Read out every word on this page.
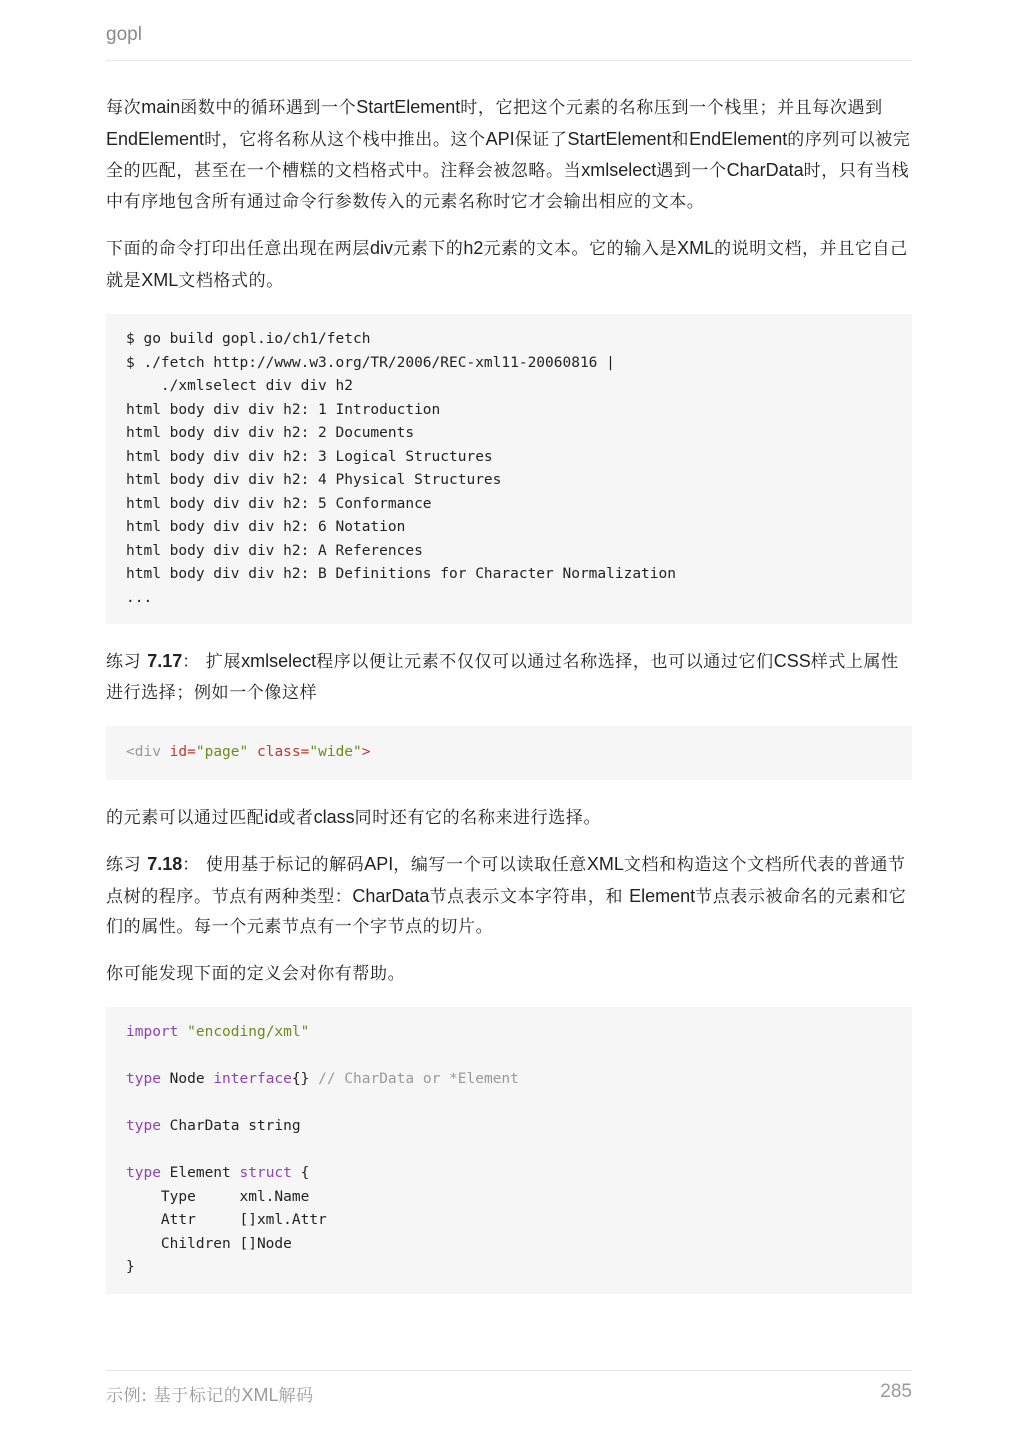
gopl

每次main函数中的循环遇到一个StartElement时，它把这个元素的名称压到一个栈里；并且每次遇到EndElement时，它将名称从这个栈中推出。这个API保证了StartElement和EndElement的序列可以被完全的匹配，甚至在一个槽糕的文档格式中。注释会被忽略。当xmlselect遇到一个CharData时，只有当栈中有序地包含所有通过命令行参数传入的元素名称时它才会输出相应的文本。

下面的命令打印出任意出现在两层div元素下的h2元素的文本。它的输入是XML的说明文档，并且它自己就是XML文档格式的。

$ go build gopl.io/ch1/fetch
$ ./fetch http://www.w3.org/TR/2006/REC-xml11-20060816 |
./xmlselect div div h2
html body div div h2: 1 Introduction
html body div div h2: 2 Documents
html body div div h2: 3 Logical Structures
html body div div h2: 4 Physical Structures
html body div div h2: 5 Conformance
html body div div h2: 6 Notation
html body div div h2: A References
html body div div h2: B Definitions for Character Normalization
...

练习 7.17： 扩展xmlselect程序以便让元素不仅仅可以通过名称选择，也可以通过它们CSS样式上属性进行选择；例如一个像这样

<div id="page" class="wide">

的元素可以通过匹配id或者class同时还有它的名称来进行选择。

练习 7.18： 使用基于标记的解码API，编写一个可以读取任意XML文档和构造这个文档所代表的普通节点树的程序。节点有两种类型：CharData节点表示文本字符串，和 Element节点表示被命名的元素和它们的属性。每一个元素节点有一个字节点的切片。

你可能发现下面的定义会对你有帮助。

import "encoding/xml"

type Node interface{} // CharData or *Element

type CharData string

type Element struct {
Type     xml.Name
Attr     []xml.Attr
Children []Node
}
示例: 基于标记的XML解码	285
